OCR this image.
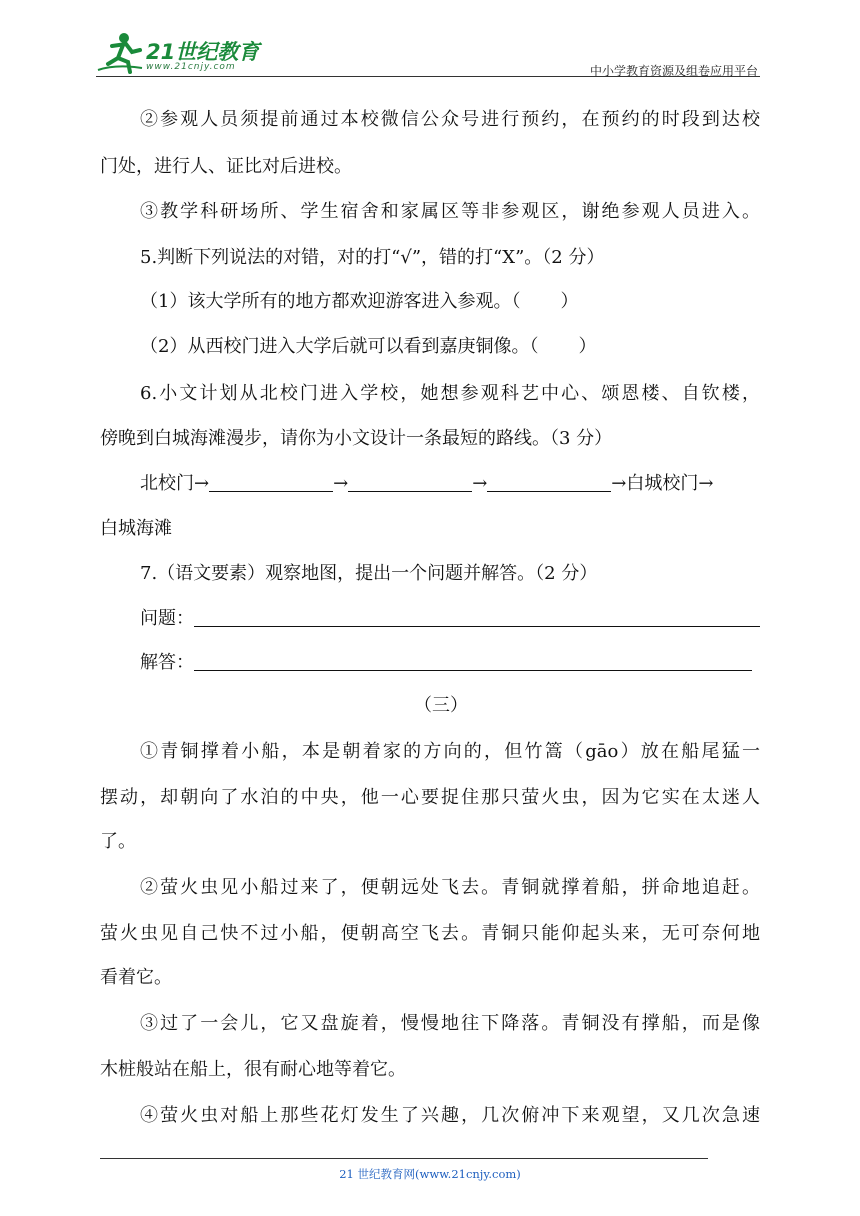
21世纪教育
www.21cnjy.com	中小学教育资源及组卷应用平台
②参观人员须提前通过本校微信公众号进行预约，在预约的时段到达校
门处，进行人、证比对后进校。
③教学科研场所、学生宿舍和家属区等非参观区，谢绝参观人员进入。
5.判断下列说法的对错，对的打“√”，错的打“X”。（2 分）
（1）该大学所有的地方都欢迎游客进入参观。（ ）
（2）从西校门进入大学后就可以看到嘉庚铜像。（ ）
6.小文计划从北校门进入学校，她想参观科艺中心、颂恩楼、自钦楼，
傍晚到白城海滩漫步，请你为小文设计一条最短的路线。（3 分）
北校门→	→	→	→白城校门→
白城海滩
7.（语文要素）观察地图，提出一个问题并解答。（2 分）
问题：
解答：
（三）
①青铜撑着小船，本是朝着家的方向的，但竹篙（gāo）放在船尾猛一
摆动，却朝向了水泊的中央，他一心要捉住那只萤火虫，因为它实在太迷人
了。
②萤火虫见小船过来了，便朝远处飞去。青铜就撑着船，拼命地追赶。
萤火虫见自己快不过小船，便朝高空飞去。青铜只能仰起头来，无可奈何地
看着它。
③过了一会儿，它又盘旋着，慢慢地往下降落。青铜没有撑船，而是像
木桩般站在船上，很有耐心地等着它。
④萤火虫对船上那些花灯发生了兴趣，几次俯冲下来观望，又几次急速
21 世纪教育网(www.21cnjy.com)
